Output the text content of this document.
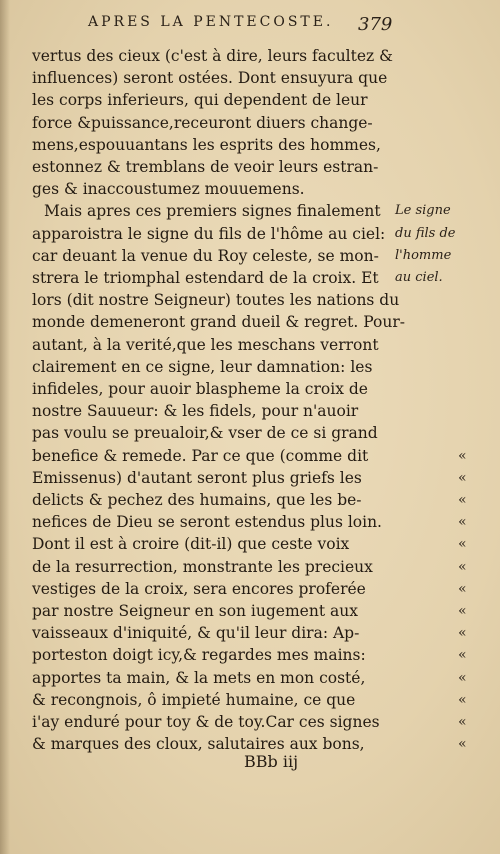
APRES LA PENTECOSTE.	379
vertus des cieux (c'est à dire, leurs facultez &
influences) seront ostées. Dont ensuyura que
les corps inferieurs, qui dependent de leur
force &puissance,receuront diuers change-
mens,espouuantans les esprits des hommes,
estonnez & tremblans de veoir leurs estran-
ges & inaccoustumez mouuemens.
Mais apres ces premiers signes finalement
apparoistra le signe du fils de l'hôme au ciel:
car deuant la venue du Roy celeste, se mon-
strera le triomphal estendard de la croix. Et
lors (dit nostre Seigneur) toutes les nations du
monde demeneront grand dueil & regret. Pour-
autant, à la verité,que les meschans verront
clairement en ce signe, leur damnation: les
infideles, pour auoir blaspheme la croix de
nostre Sauueur: & les fidels, pour n'auoir
pas voulu se preualoir,& vser de ce si grand
benefice & remede. Par ce que (comme dit
Emissenus) d'autant seront plus griefs les
delicts & pechez des humains, que les be-
nefices de Dieu se seront estendus plus loin.
Dont il est à croire (dit-il) que ceste voix
de la resurrection, monstrante les precieux
vestiges de la croix, sera encores proferée
par nostre Seigneur en son iugement aux
vaisseaux d'iniquité, & qu'il leur dira: Ap-
porteston doigt icy,& regardes mes mains:
apportes ta main, & la mets en mon costé,
& recongnois, ô impieté humaine, ce que
i'ay enduré pour toy & de toy.Car ces signes
& marques des cloux, salutaires aux bons,
Le signe
du fils de
l'homme
au ciel.
«
«
«
«
«
«
«
«
«
«
«
«
«
«
BBb iij
